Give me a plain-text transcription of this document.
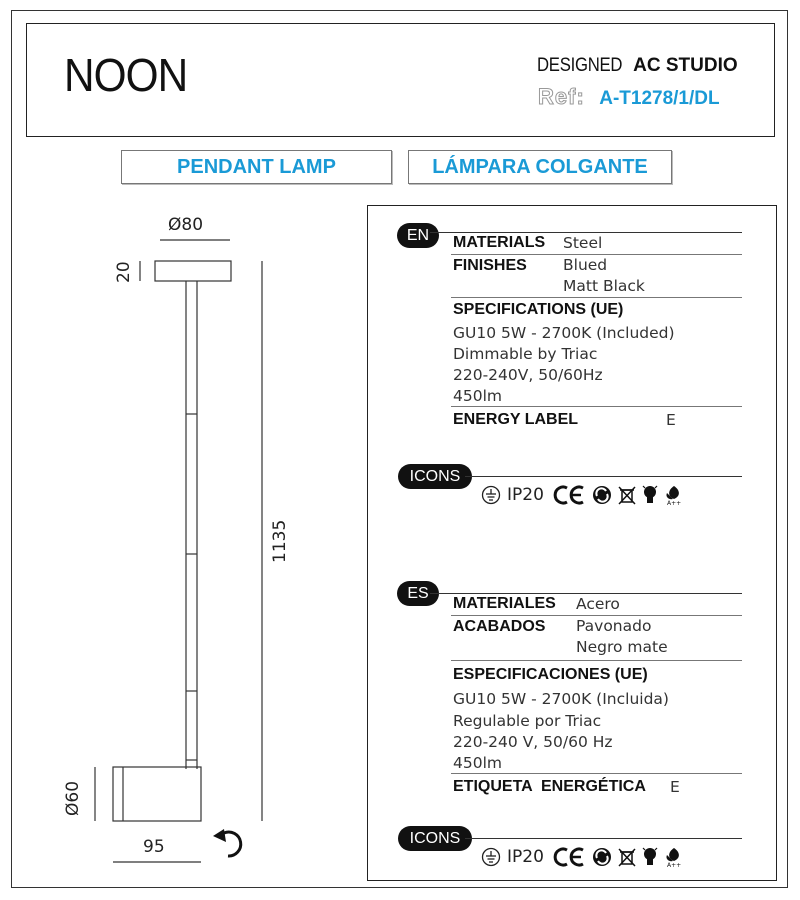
NOON	DESIGNED AC STUDIO
Ref: A-T1278/1/DL
PENDANT LAMP	LÁMPARA COLGANTE
Ø80
20
1135
Ø60
95
EN	MATERIALS Steel
FINISHES Blued
Matt Black
SPECIFICATIONS (UE)
GU10 5W - 2700K (Included)
Dimmable by Triac
220-240V, 50/60Hz
450lm
ENERGY LABEL	E
ICONS
IP20	A++
ES
MATERIALES Acero
ACABADOS Pavonado
Negro mate
ESPECIFICACIONES (UE)
GU10 5W - 2700K (Incluida)
Regulable por Triac
220-240 V, 50/60 Hz
450lm
ETIQUETA  ENERGÉTICA E
ICONS
IP20	A++
